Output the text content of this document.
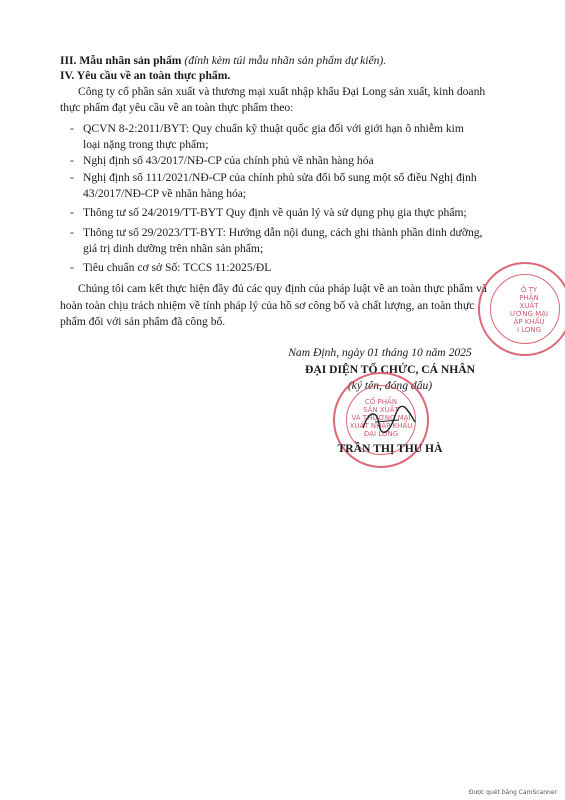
III. Mẫu nhãn sản phẩm (đính kèm túi mẫu nhãn sản phẩm dự kiến).
IV. Yêu cầu về an toàn thực phẩm.
Công ty cổ phần sản xuất và thương mại xuất nhập khẩu Đại Long sản xuất, kinh doanh
thực phẩm đạt yêu cầu về an toàn thực phẩm theo:
- QCVN 8-2:2011/BYT: Quy chuẩn kỹ thuật quốc gia đối với giới hạn ô nhiễm kim
loại nặng trong thực phẩm;
- Nghị định số 43/2017/NĐ-CP của chính phủ về nhãn hàng hóa
- Nghị định số 111/2021/NĐ-CP của chính phủ sửa đổi bổ sung một số điều Nghị định
43/2017/NĐ-CP về nhãn hàng hóa;
- Thông tư số 24/2019/TT-BYT Quy định về quản lý và sử dụng phụ gia thực phẩm;
- Thông tư số 29/2023/TT-BYT: Hướng dẫn nội dung, cách ghi thành phần dinh dưỡng,
giá trị dinh dưỡng trên nhãn sản phẩm;
- Tiêu chuẩn cơ sở Số: TCCS 11:2025/ĐL
Chúng tôi cam kết thực hiện đầy đủ các quy định của pháp luật về an toàn thực phẩm và
hoàn toàn chịu trách nhiệm về tính pháp lý của hồ sơ công bố và chất lượng, an toàn thực
phẩm đối với sản phẩm đã công bố.
Ô TY
PHẦN
XUẤT
ƯƠNG MẠI
ẬP KHẨU
I LONG
Nam Định, ngày 01 tháng 10 năm 2025
ĐẠI DIỆN TỔ CHỨC, CÁ NHÂN
(ký tên, đóng dấu)
CỔ PHẦN
SẢN XUẤT
VÀ THƯƠNG MẠI
XUẤT NHẬP KHẨU
ĐẠI LONG
TRẦN THỊ THU HÀ
Được quét bằng CamScanner
